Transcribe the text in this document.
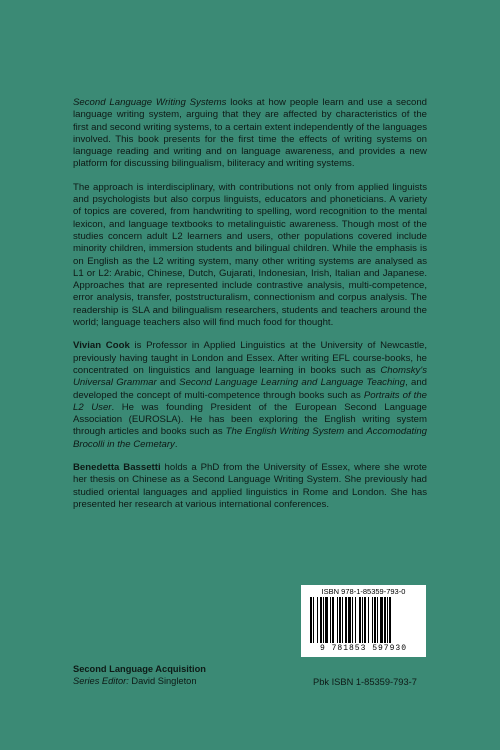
Second Language Writing Systems looks at how people learn and use a second language writing system, arguing that they are affected by characteristics of the first and second writing systems, to a certain extent independently of the languages involved. This book presents for the first time the effects of writing systems on language reading and writing and on language awareness, and provides a new platform for discussing bilingualism, biliteracy and writing systems.

The approach is interdisciplinary, with contributions not only from applied linguists and psychologists but also corpus linguists, educators and phoneticians. A variety of topics are covered, from handwriting to spelling, word recognition to the mental lexicon, and language textbooks to metalinguistic awareness. Though most of the studies concern adult L2 learners and users, other populations covered include minority children, immersion students and bilingual children. While the emphasis is on English as the L2 writing system, many other writing systems are analysed as L1 or L2: Arabic, Chinese, Dutch, Gujarati, Indonesian, Irish, Italian and Japanese. Approaches that are represented include contrastive analysis, multi-competence, error analysis, transfer, poststructuralism, connectionism and corpus analysis. The readership is SLA and bilingualism researchers, students and teachers around the world; language teachers also will find much food for thought.

Vivian Cook is Professor in Applied Linguistics at the University of Newcastle, previously having taught in London and Essex. After writing EFL course-books, he concentrated on linguistics and language learning in books such as Chomsky's Universal Grammar and Second Language Learning and Language Teaching, and developed the concept of multi-competence through books such as Portraits of the L2 User. He was founding President of the European Second Language Association (EUROSLA). He has been exploring the English writing system through articles and books such as The English Writing System and Accomodating Brocolli in the Cemetary.

Benedetta Bassetti holds a PhD from the University of Essex, where she wrote her thesis on Chinese as a Second Language Writing System. She previously had studied oriental languages and applied linguistics in Rome and London. She has presented her research at various international conferences.

ISBN 978-1-85359-793-0
9 781853 597930
Second Language Acquisition
Series Editor: David Singleton	Pbk ISBN 1-85359-793-7
